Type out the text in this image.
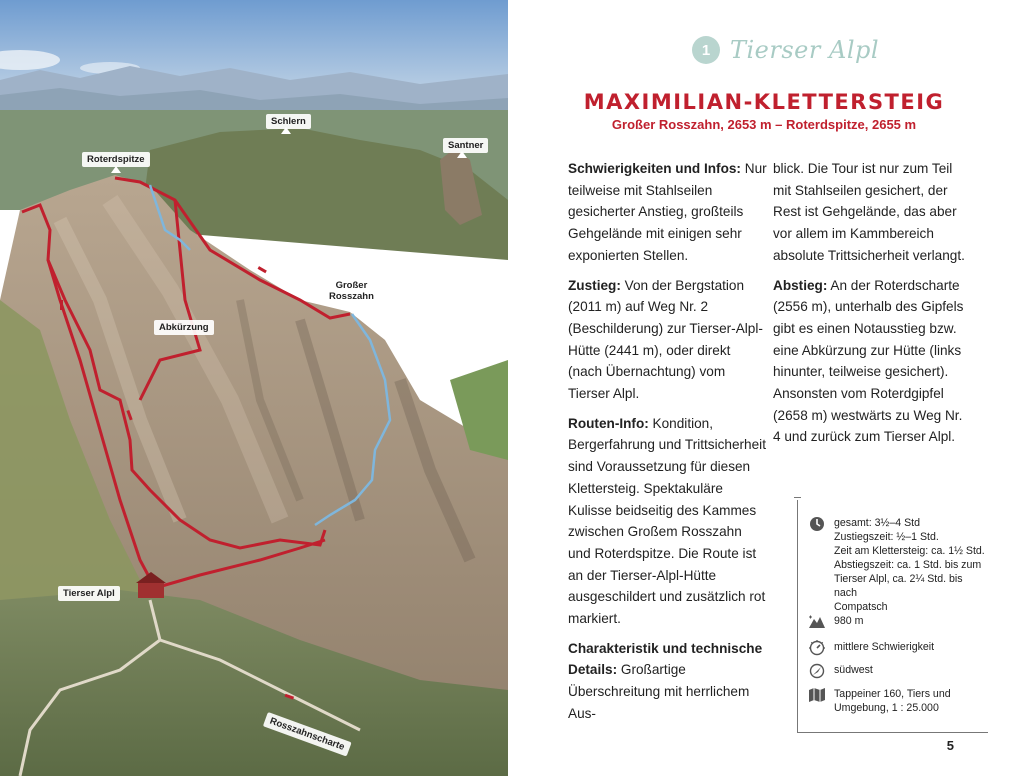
Schlern
Santner
Roterdspitze
Großer
Rosszahn
Abkürzung
Tierser Alpl
Rosszahnscharte
1 Tierser Alpl
MAXIMILIAN-KLETTERSTEIG
Großer Rosszahn, 2653 m – Roterdspitze, 2655 m

Schwierigkeiten und Infos: Nur teilweise mit Stahlseilen gesicherter Anstieg, großteils Gehgelände mit einigen sehr exponierten Stellen.

Zustieg: Von der Bergstation (2011 m) auf Weg Nr. 2 (Beschilderung) zur Tierser-Alpl-Hütte (2441 m), oder direkt (nach Übernachtung) vom Tierser Alpl.

Routen-Info: Kondition, Bergerfahrung und Trittsicherheit sind Voraussetzung für diesen Klettersteig. Spektakuläre Kulisse beidseitig des Kammes zwischen Großem Rosszahn und Roterdspitze. Die Route ist an der Tierser-Alpl-Hütte ausgeschildert und zusätzlich rot markiert.

Charakteristik und technische Details: Großartige Überschreitung mit herrlichem Aus-

blick. Die Tour ist nur zum Teil mit Stahlseilen gesichert, der Rest ist Gehgelände, das aber vor allem im Kammbereich absolute Trittsicherheit verlangt.

Abstieg: An der Roterdscharte (2556 m), unterhalb des Gipfels gibt es einen Notausstieg bzw. eine Abkürzung zur Hütte (links hinunter, teilweise gesichert). Ansonsten vom Roterdgipfel (2658 m) westwärts zu Weg Nr. 4 und zurück zum Tierser Alpl.

gesamt: 3½–4 Std
Zustiegszeit: ½–1 Std.
Zeit am Klettersteig: ca. 1½ Std.
Abstiegszeit: ca. 1 Std. bis zum
Tierser Alpl, ca. 2¼ Std. bis nach
Compatsch
980 m
mittlere Schwierigkeit
südwest
Tappeiner 160, Tiers und
Umgebung, 1 : 25.000
5
